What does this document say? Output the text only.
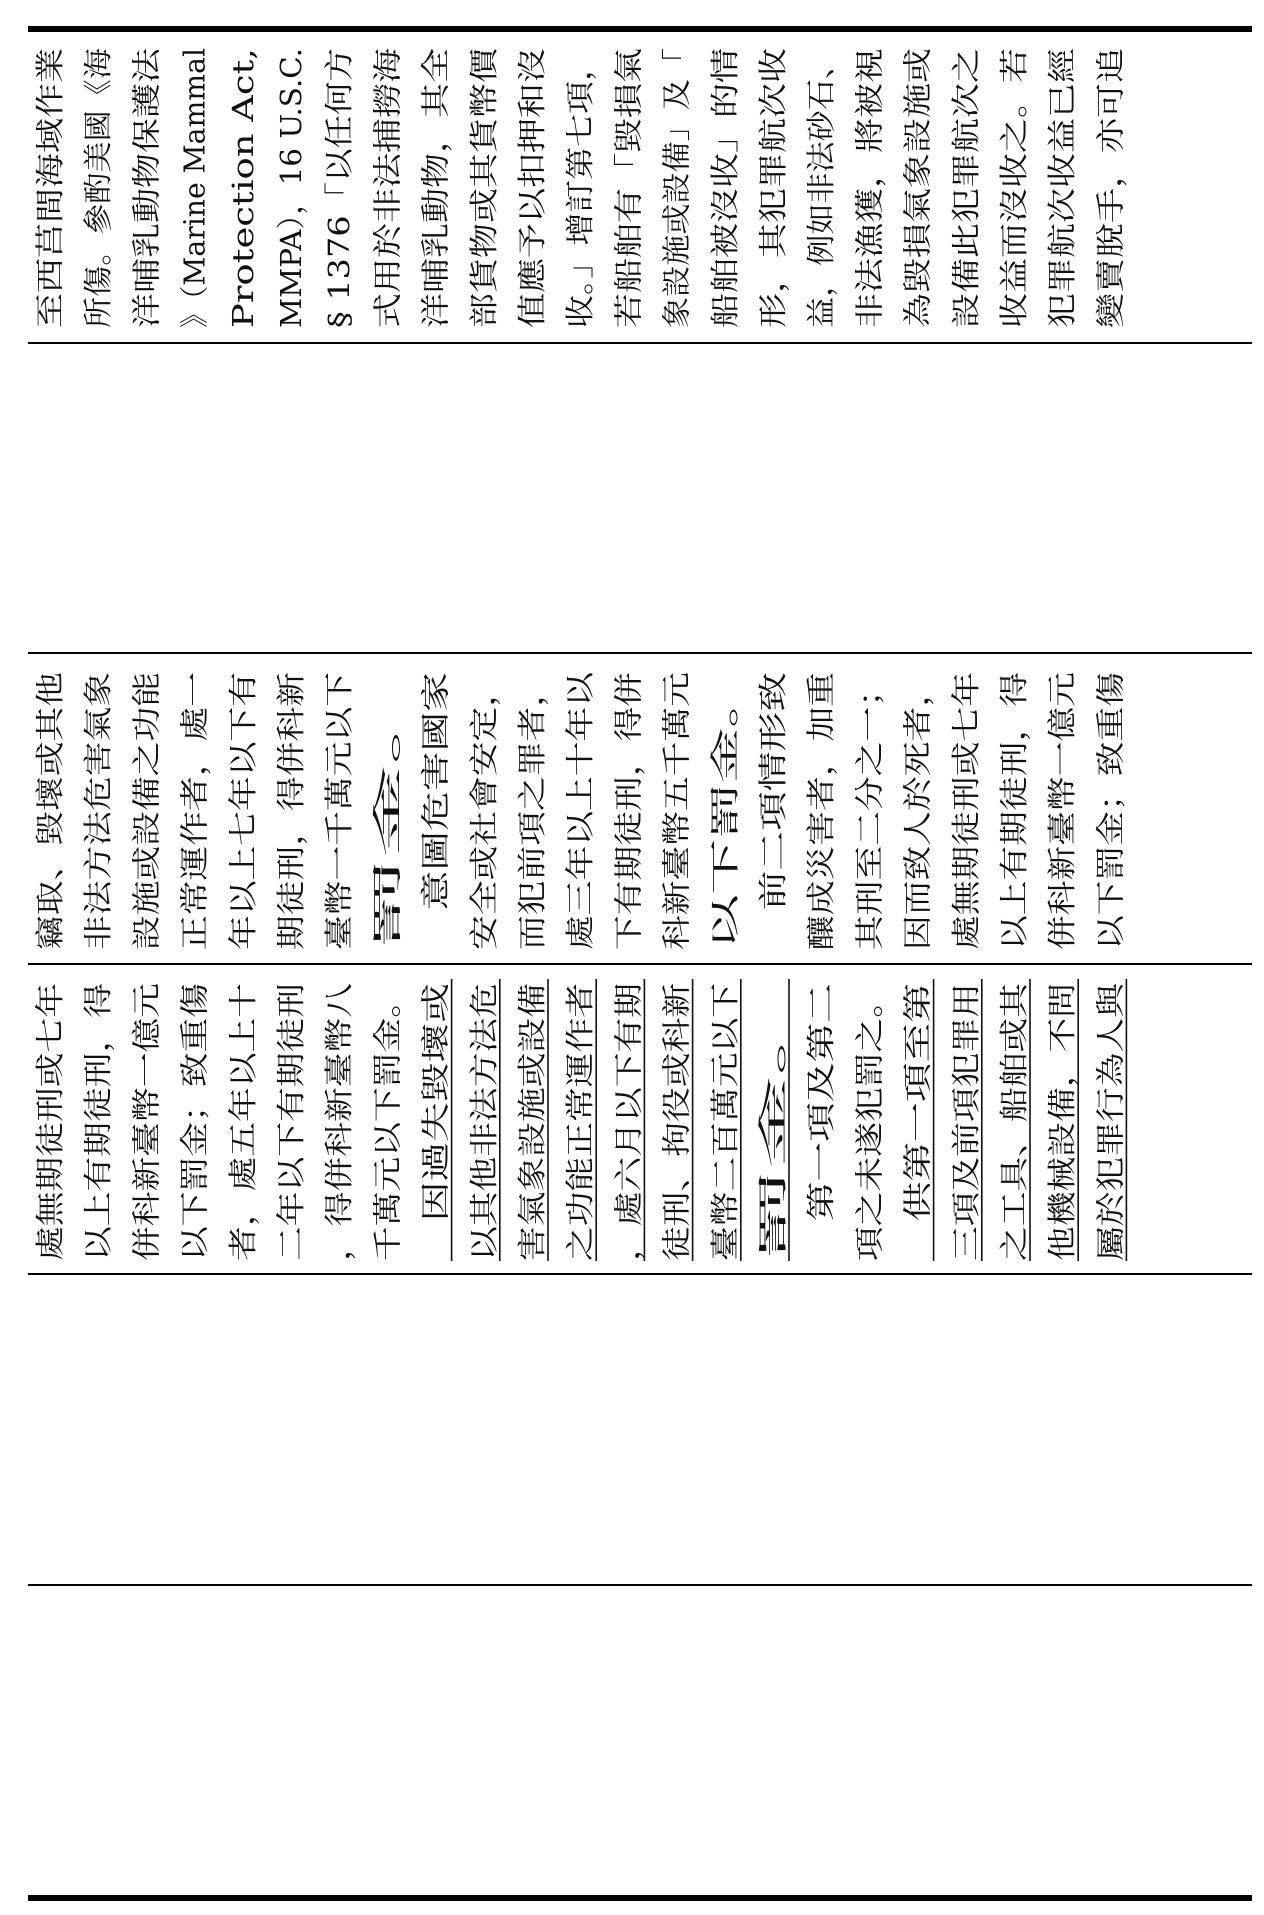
至西莒間海域作業 所傷。參酌美國《海 洋哺乳動物保護法 》（Marine Mammal Protection Act, MMPA），16 U.S.C. § 1376「以任何方 式用於非法捕撈海 洋哺乳動物，其全 部貨物或其貨幣價 值應予以扣押和沒 收。」增訂第七項， 若船舶有「毀損氣 象設施或設備」及「 船舶被沒收」的情 形，其犯罪航次收 益，例如非法砂石、 非法漁獲，將被視 為毀損氣象設施或 設備此犯罪航次之 收益而沒收之。若 犯罪航次收益已經 變賣脫手，亦可追
竊取、毀壞或其他 非法方法危害氣象 設施或設備之功能 正常運作者，處一 年以上七年以下有 期徒刑，得併科新 臺幣一千萬元以下 罰金。 　意圖危害國家 安全或社會安定， 而犯前項之罪者， 處三年以上十年以 下有期徒刑，得併 科新臺幣五千萬元 以下罰金。 　前二項情形致 釀成災害者，加重 其刑至二分之一； 因而致人於死者， 處無期徒刑或七年 以上有期徒刑，得 併科新臺幣一億元 以下罰金；致重傷
處無期徒刑或七年 以上有期徒刑，得 併科新臺幣一億元 以下罰金；致重傷 者，處五年以上十 二年以下有期徒刑 ，得併科新臺幣八 千萬元以下罰金。 　因過失毀壞或 以其他非法方法危 害氣象設施或設備 之功能正常運作者 ，處六月以下有期 徒刑、拘役或科新 臺幣二百萬元以下 罰金。 　第一項及第二 項之未遂犯罰之。 　供第一項至第 三項及前項犯罪用 之工具、船舶或其 他機械設備，不問 屬於犯罪行為人與
